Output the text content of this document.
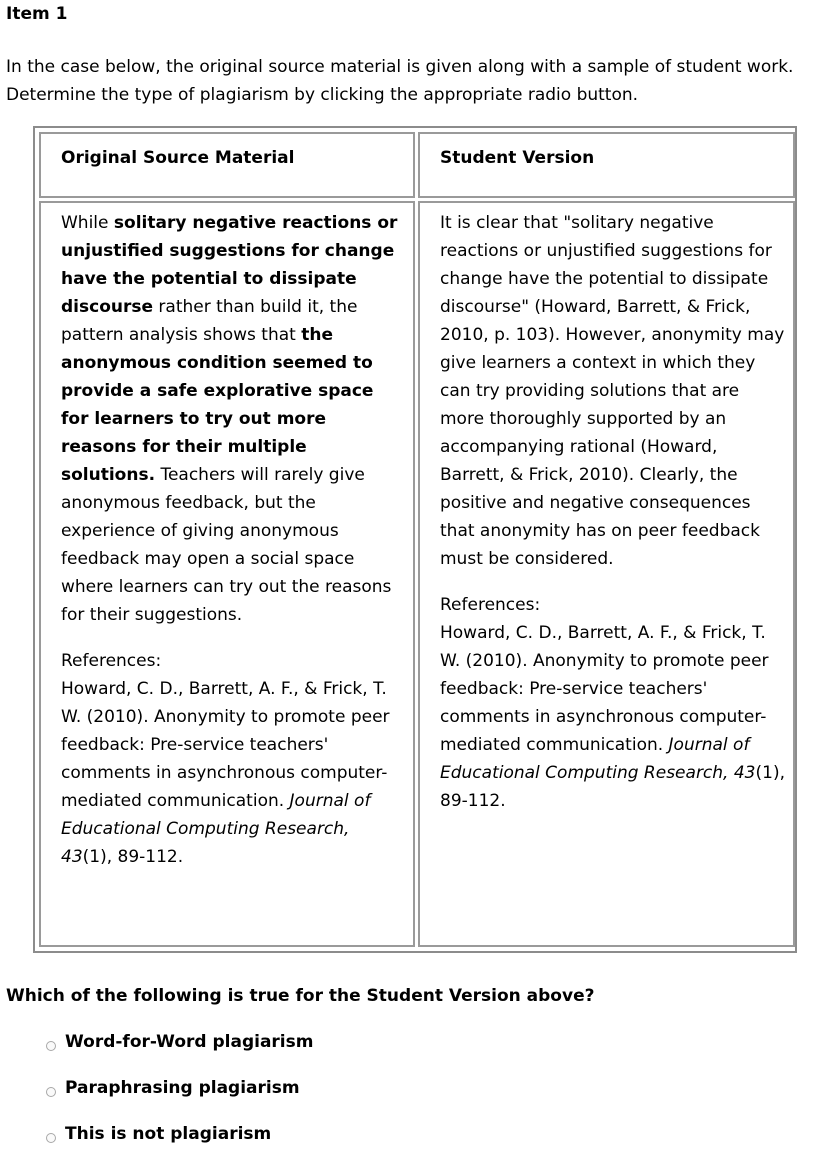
Item 1
In the case below, the original source material is given along with a sample of student work. Determine the type of plagiarism by clicking the appropriate radio button.
Original Source Material	Student Version

While solitary negative reactions or unjustified suggestions for change have the potential to dissipate discourse rather than build it, the pattern analysis shows that the anonymous condition seemed to provide a safe explorative space for learners to try out more reasons for their multiple solutions. Teachers will rarely give anonymous feedback, but the experience of giving anonymous feedback may open a social space where learners can try out the reasons for their suggestions.

References:
Howard, C. D., Barrett, A. F., & Frick, T. W. (2010). Anonymity to promote peer feedback: Pre-service teachers' comments in asynchronous computer-mediated communication. Journal of Educational Computing Research, 43(1), 89-112.

It is clear that "solitary negative reactions or unjustified suggestions for change have the potential to dissipate discourse" (Howard, Barrett, & Frick, 2010, p. 103). However, anonymity may give learners a context in which they can try providing solutions that are more thoroughly supported by an accompanying rational (Howard, Barrett, & Frick, 2010). Clearly, the positive and negative consequences that anonymity has on peer feedback must be considered.

References:
Howard, C. D., Barrett, A. F., & Frick, T. W. (2010). Anonymity to promote peer feedback: Pre-service teachers' comments in asynchronous computer-mediated communication. Journal of Educational Computing Research, 43(1), 89-112.
Which of the following is true for the Student Version above?
Word-for-Word plagiarism
Paraphrasing plagiarism
This is not plagiarism
